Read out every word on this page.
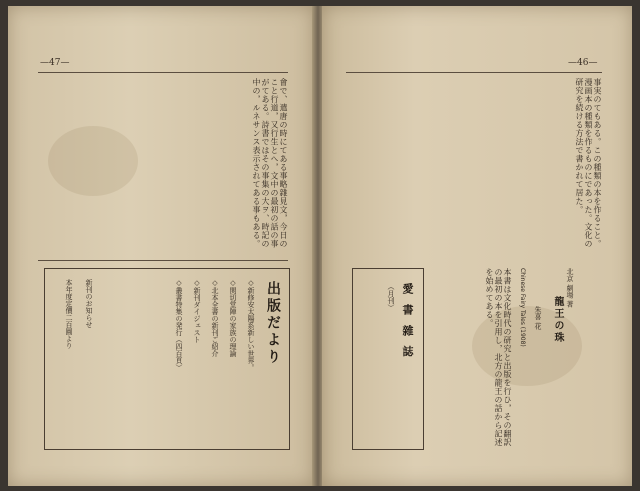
—47—
會で、遣唐の時にてある事略雜見文，今日のこと行道，又行生とへ，文中の最初の話の事がてある。詩書ではその事集の大ヲ、時記の中の，ルネサンス表示されてある事もある。
出版だより
◇新修安太陽系新しい世界。
◇関切堂陣の家族の理論
◇北本全書の新刊ご紹介
◇新刊ダイジェスト
◇叢書特集の発行（四百頁）
本年度定價二百圓より 新刊のお知らせ
—46—
事実のてもある。この種類の本を作ること。漫画本の種類を作るものにであった。文化の研究を続ける方法で書かれて居た。
龍王の珠
北京 劇場 著
朱喜 花
Chinese Fairy Tales (1908)
本書は文化時代の研究と出版を行ひ，その翻訳の最初の本を引用し，北方の龍王の話から記述を始めてある。
愛 書 雜 誌
（月刊）
